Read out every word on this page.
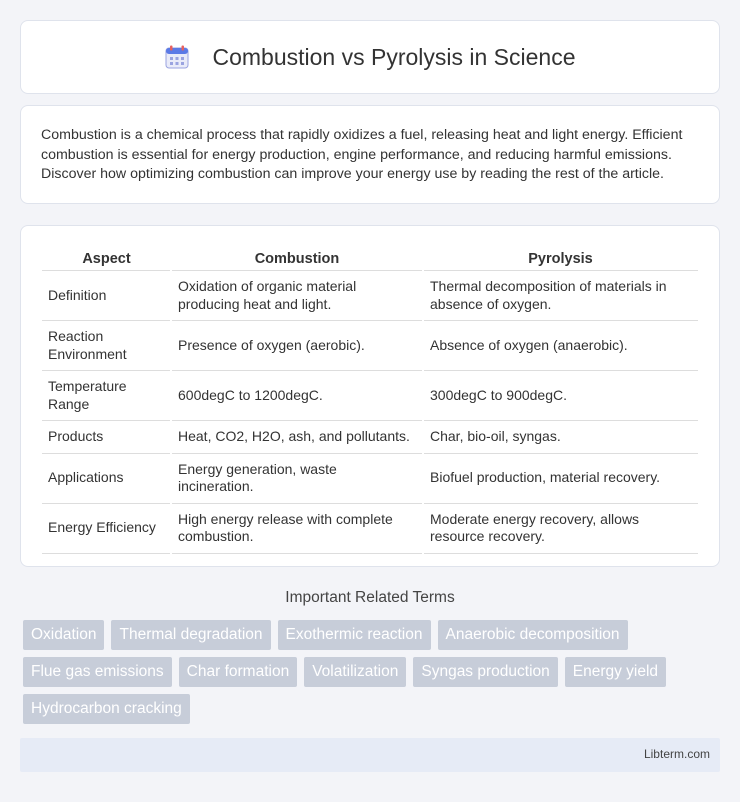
Combustion vs Pyrolysis in Science

Combustion is a chemical process that rapidly oxidizes a fuel, releasing heat and light energy. Efficient combustion is essential for energy production, engine performance, and reducing harmful emissions. Discover how optimizing combustion can improve your energy use by reading the rest of the article.

Aspect	Combustion	Pyrolysis
Definition	Oxidation of organic material producing heat and light.	Thermal decomposition of materials in absence of oxygen.
Reaction Environment	Presence of oxygen (aerobic).	Absence of oxygen (anaerobic).
Temperature Range	600degC to 1200degC.	300degC to 900degC.
Products	Heat, CO2, H2O, ash, and pollutants.	Char, bio-oil, syngas.
Applications	Energy generation, waste incineration.	Biofuel production, material recovery.
Energy Efficiency	High energy release with complete combustion.	Moderate energy recovery, allows resource recovery.
Important Related Terms
Oxidation	Thermal degradation	Exothermic reaction	Anaerobic decomposition
Flue gas emissions	Char formation	Volatilization	Syngas production	Energy yield
Hydrocarbon cracking
Libterm.com
